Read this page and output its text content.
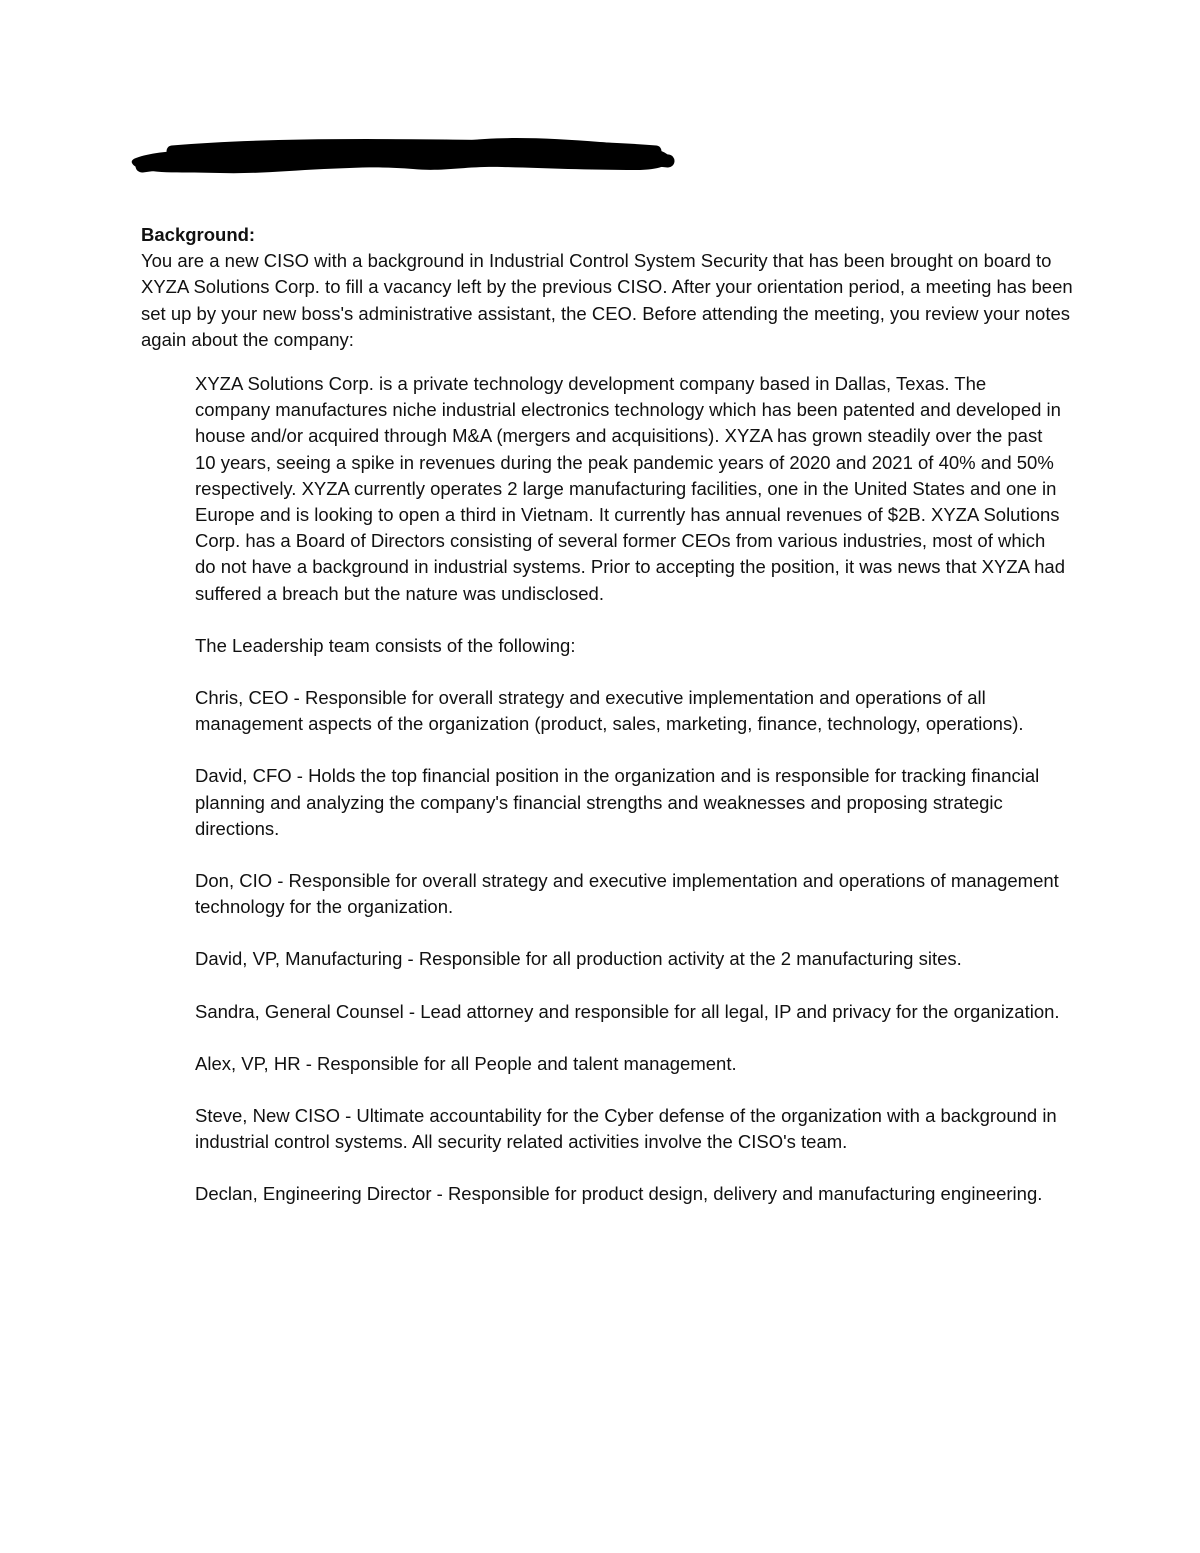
Background:

You are a new CISO with a background in Industrial Control System Security that has been brought on board to XYZA Solutions Corp. to fill a vacancy left by the previous CISO. After your orientation period, a meeting has been set up by your new boss's administrative assistant, the CEO. Before attending the meeting, you review your notes again about the company:

XYZA Solutions Corp. is a private technology development company based in Dallas, Texas. The company manufactures niche industrial electronics technology which has been patented and developed in house and/or acquired through M&A (mergers and acquisitions). XYZA has grown steadily over the past 10 years, seeing a spike in revenues during the peak pandemic years of 2020 and 2021 of 40% and 50% respectively. XYZA currently operates 2 large manufacturing facilities, one in the United States and one in Europe and is looking to open a third in Vietnam. It currently has annual revenues of $2B. XYZA Solutions Corp. has a Board of Directors consisting of several former CEOs from various industries, most of which do not have a background in industrial systems. Prior to accepting the position, it was news that XYZA had suffered a breach but the nature was undisclosed.

The Leadership team consists of the following:

Chris, CEO - Responsible for overall strategy and executive implementation and operations of all management aspects of the organization (product, sales, marketing, finance, technology, operations).

David, CFO - Holds the top financial position in the organization and is responsible for tracking financial planning and analyzing the company's financial strengths and weaknesses and proposing strategic directions.

Don, CIO - Responsible for overall strategy and executive implementation and operations of management technology for the organization.

David, VP, Manufacturing - Responsible for all production activity at the 2 manufacturing sites.

Sandra, General Counsel - Lead attorney and responsible for all legal, IP and privacy for the organization.

Alex, VP, HR - Responsible for all People and talent management.

Steve, New CISO - Ultimate accountability for the Cyber defense of the organization with a background in industrial control systems. All security related activities involve the CISO's team.

Declan, Engineering Director - Responsible for product design, delivery and manufacturing engineering.
